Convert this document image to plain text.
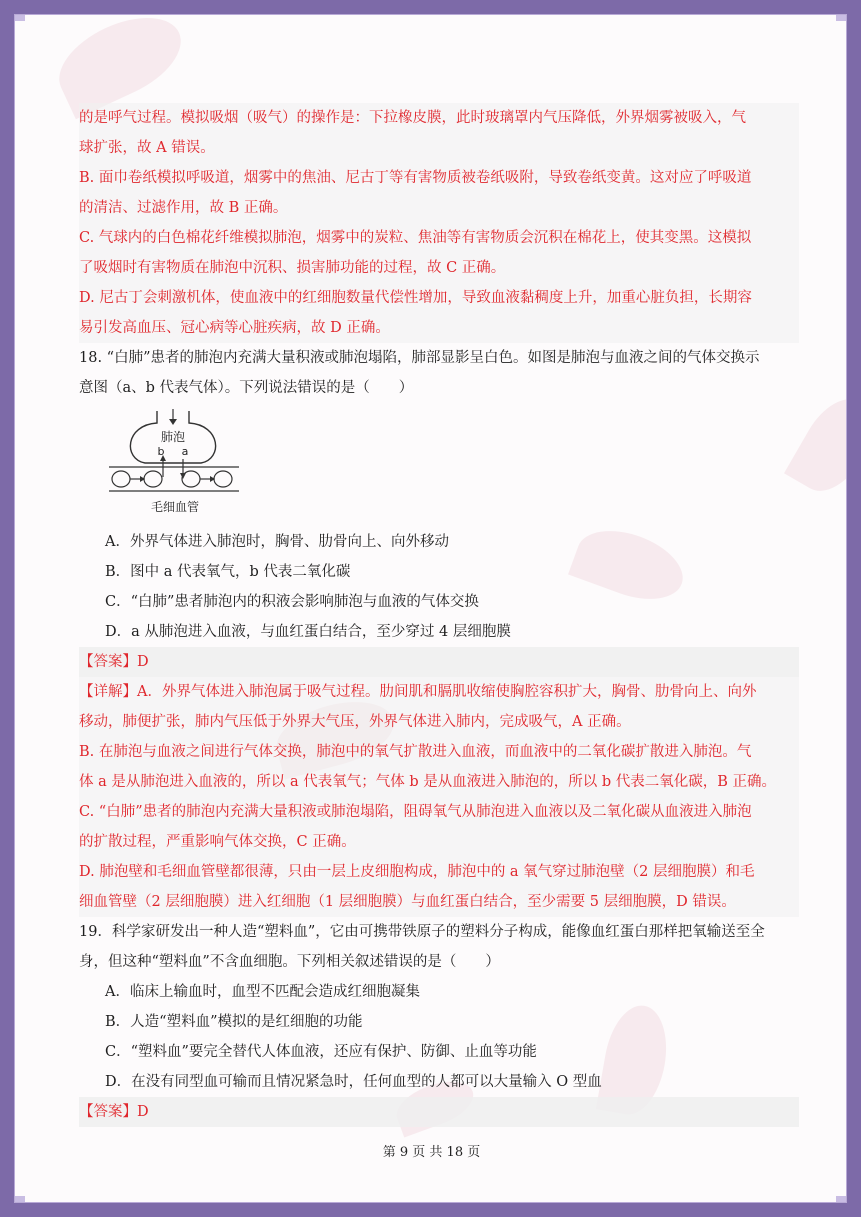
的是呼气过程。模拟吸烟（吸气）的操作是：下拉橡皮膜，此时玻璃罩内气压降低，外界烟雾被吸入，气
球扩张，故 A 错误。
B. 面巾卷纸模拟呼吸道，烟雾中的焦油、尼古丁等有害物质被卷纸吸附，导致卷纸变黄。这对应了呼吸道
的清洁、过滤作用，故 B 正确。
C. 气球内的白色棉花纤维模拟肺泡，烟雾中的炭粒、焦油等有害物质会沉积在棉花上，使其变黑。这模拟
了吸烟时有害物质在肺泡中沉积、损害肺功能的过程，故 C 正确。
D. 尼古丁会刺激机体，使血液中的红细胞数量代偿性增加，导致血液黏稠度上升，加重心脏负担，长期容
易引发高血压、冠心病等心脏疾病，故 D 正确。
18. “白肺”患者的肺泡内充满大量积液或肺泡塌陷，肺部显影呈白色。如图是肺泡与血液之间的气体交换示
意图（a、b 代表气体）。下列说法错误的是（　　）
肺泡
b a
毛细血管
A．外界气体进入肺泡时，胸骨、肋骨向上、向外移动
B．图中 a 代表氧气，b 代表二氧化碳
C．“白肺”患者肺泡内的积液会影响肺泡与血液的气体交换
D．a 从肺泡进入血液，与血红蛋白结合，至少穿过 4 层细胞膜
【答案】D
【详解】A．外界气体进入肺泡属于吸气过程。肋间肌和膈肌收缩使胸腔容积扩大，胸骨、肋骨向上、向外
移动，肺便扩张，肺内气压低于外界大气压，外界气体进入肺内，完成吸气，A 正确。
B. 在肺泡与血液之间进行气体交换，肺泡中的氧气扩散进入血液，而血液中的二氧化碳扩散进入肺泡。气
体 a 是从肺泡进入血液的，所以 a 代表氧气；气体 b 是从血液进入肺泡的，所以 b 代表二氧化碳，B 正确。
C. “白肺”患者的肺泡内充满大量积液或肺泡塌陷，阻碍氧气从肺泡进入血液以及二氧化碳从血液进入肺泡
的扩散过程，严重影响气体交换，C 正确。
D. 肺泡壁和毛细血管壁都很薄，只由一层上皮细胞构成，肺泡中的 a 氧气穿过肺泡壁（2 层细胞膜）和毛
细血管壁（2 层细胞膜）进入红细胞（1 层细胞膜）与血红蛋白结合，至少需要 5 层细胞膜，D 错误。
19．科学家研发出一种人造“塑料血”，它由可携带铁原子的塑料分子构成，能像血红蛋白那样把氧输送至全
身，但这种“塑料血”不含血细胞。下列相关叙述错误的是（　　）
A．临床上输血时，血型不匹配会造成红细胞凝集
B．人造“塑料血”模拟的是红细胞的功能
C．“塑料血”要完全替代人体血液，还应有保护、防御、止血等功能
D．在没有同型血可输而且情况紧急时，任何血型的人都可以大量输入 O 型血
【答案】D
第 9 页 共 18 页
